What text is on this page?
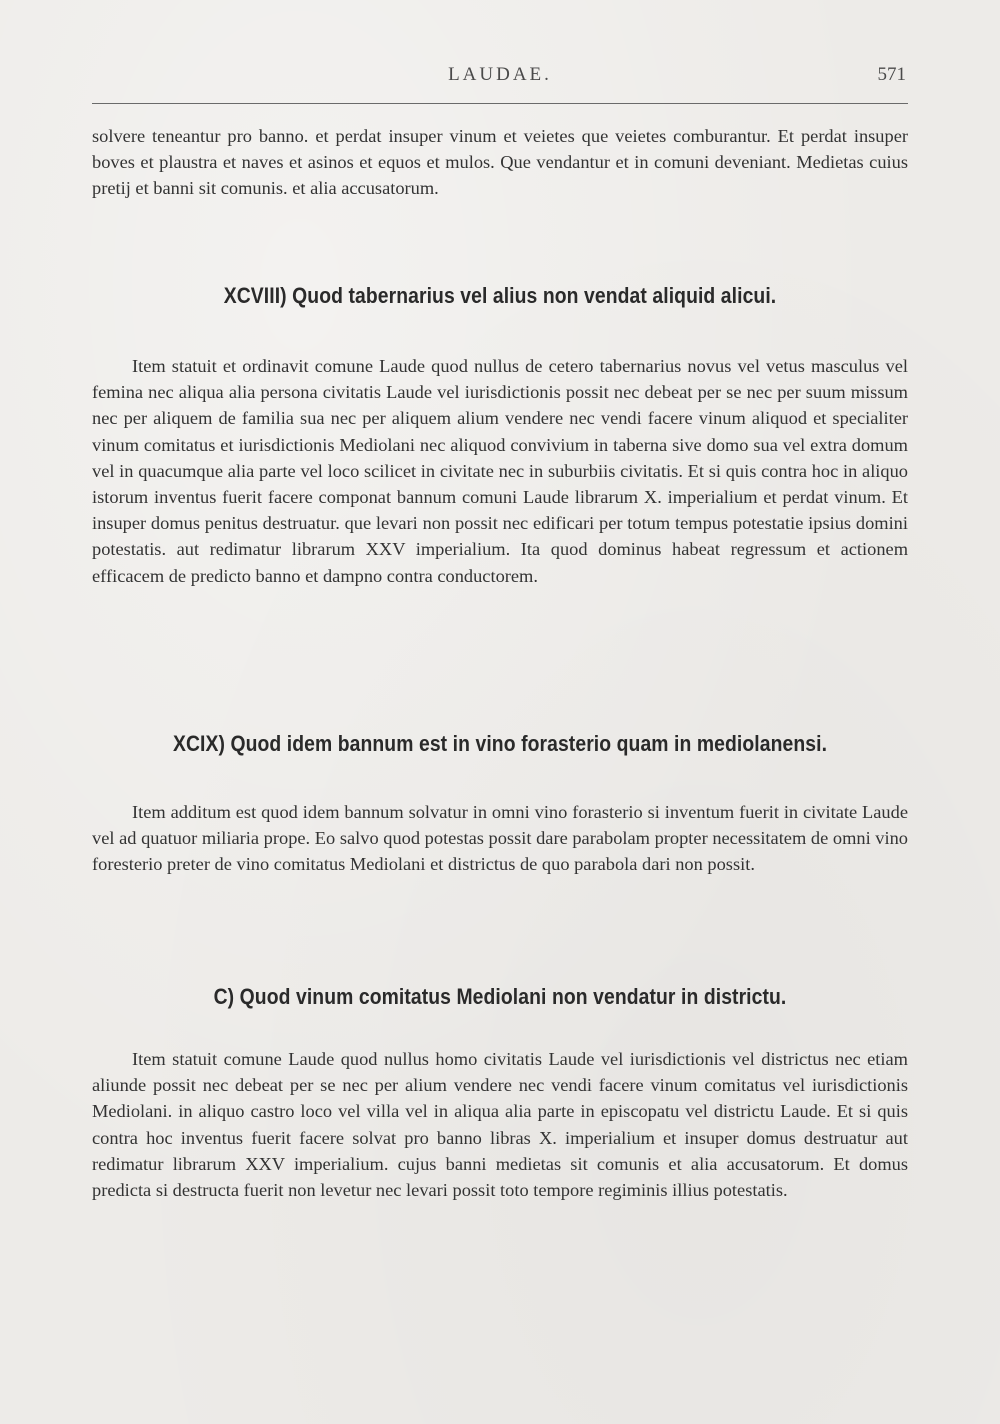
LAUDAE.	571

solvere teneantur pro banno. et perdat insuper vinum et veietes que veietes comburantur. Et perdat insuper boves et plaustra et naves et asinos et equos et mulos. Que vendantur et in comuni deveniant. Medietas cuius pretij et banni sit comunis. et alia accusatorum.

XCVIII) Quod tabernarius vel alius non vendat aliquid alicui.

Item statuit et ordinavit comune Laude quod nullus de cetero tabernarius novus vel vetus masculus vel femina nec aliqua alia persona civitatis Laude vel iurisdictionis possit nec debeat per se nec per suum missum nec per aliquem de familia sua nec per aliquem alium vendere nec vendi facere vinum aliquod et specialiter vinum comitatus et iurisdictionis Mediolani nec aliquod convivium in taberna sive domo sua vel extra domum vel in quacumque alia parte vel loco scilicet in civitate nec in suburbiis civitatis. Et si quis contra hoc in aliquo istorum inventus fuerit facere componat bannum comuni Laude librarum X. imperialium et perdat vinum. Et insuper domus penitus destruatur. que levari non possit nec edificari per totum tempus potestatie ipsius domini potestatis. aut redimatur librarum XXV imperialium. Ita quod dominus habeat regressum et actionem efficacem de predicto banno et dampno contra conductorem.

XCIX) Quod idem bannum est in vino forasterio quam in mediolanensi.

Item additum est quod idem bannum solvatur in omni vino forasterio si inventum fuerit in civitate Laude vel ad quatuor miliaria prope. Eo salvo quod potestas possit dare parabolam propter necessitatem de omni vino foresterio preter de vino comitatus Mediolani et districtus de quo parabola dari non possit.

C) Quod vinum comitatus Mediolani non vendatur in districtu.

Item statuit comune Laude quod nullus homo civitatis Laude vel iurisdictionis vel districtus nec etiam aliunde possit nec debeat per se nec per alium vendere nec vendi facere vinum comitatus vel iurisdictionis Mediolani. in aliquo castro loco vel villa vel in aliqua alia parte in episcopatu vel districtu Laude. Et si quis contra hoc inventus fuerit facere solvat pro banno libras X. imperialium et insuper domus destruatur aut redimatur librarum XXV imperialium. cujus banni medietas sit comunis et alia accusatorum. Et domus predicta si destructa fuerit non levetur nec levari possit toto tempore regiminis illius potestatis.
